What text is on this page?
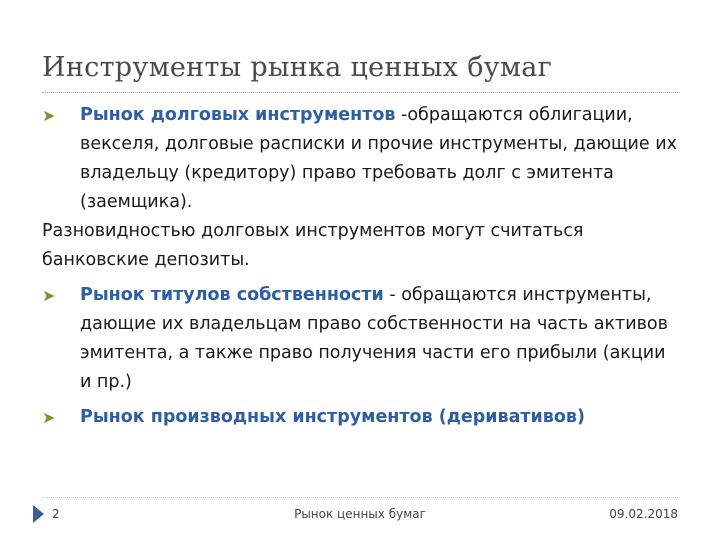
Инструменты рынка ценных бумаг

➤ Рынок долговых инструментов -обращаются облигации, векселя, долговые расписки и прочие инструменты, дающие их владельцу (кредитору) право требовать долг с эмитента (заемщика).

Разновидностью долговых инструментов могут считаться банковские депозиты.

➤ Рынок титулов собственности - обращаются инструменты, дающие их владельцам право собственности на часть активов эмитента, а также право получения части его прибыли (акции и пр.)

➤ Рынок производных инструментов (деривативов)

2	Рынок ценных бумаг	09.02.2018
